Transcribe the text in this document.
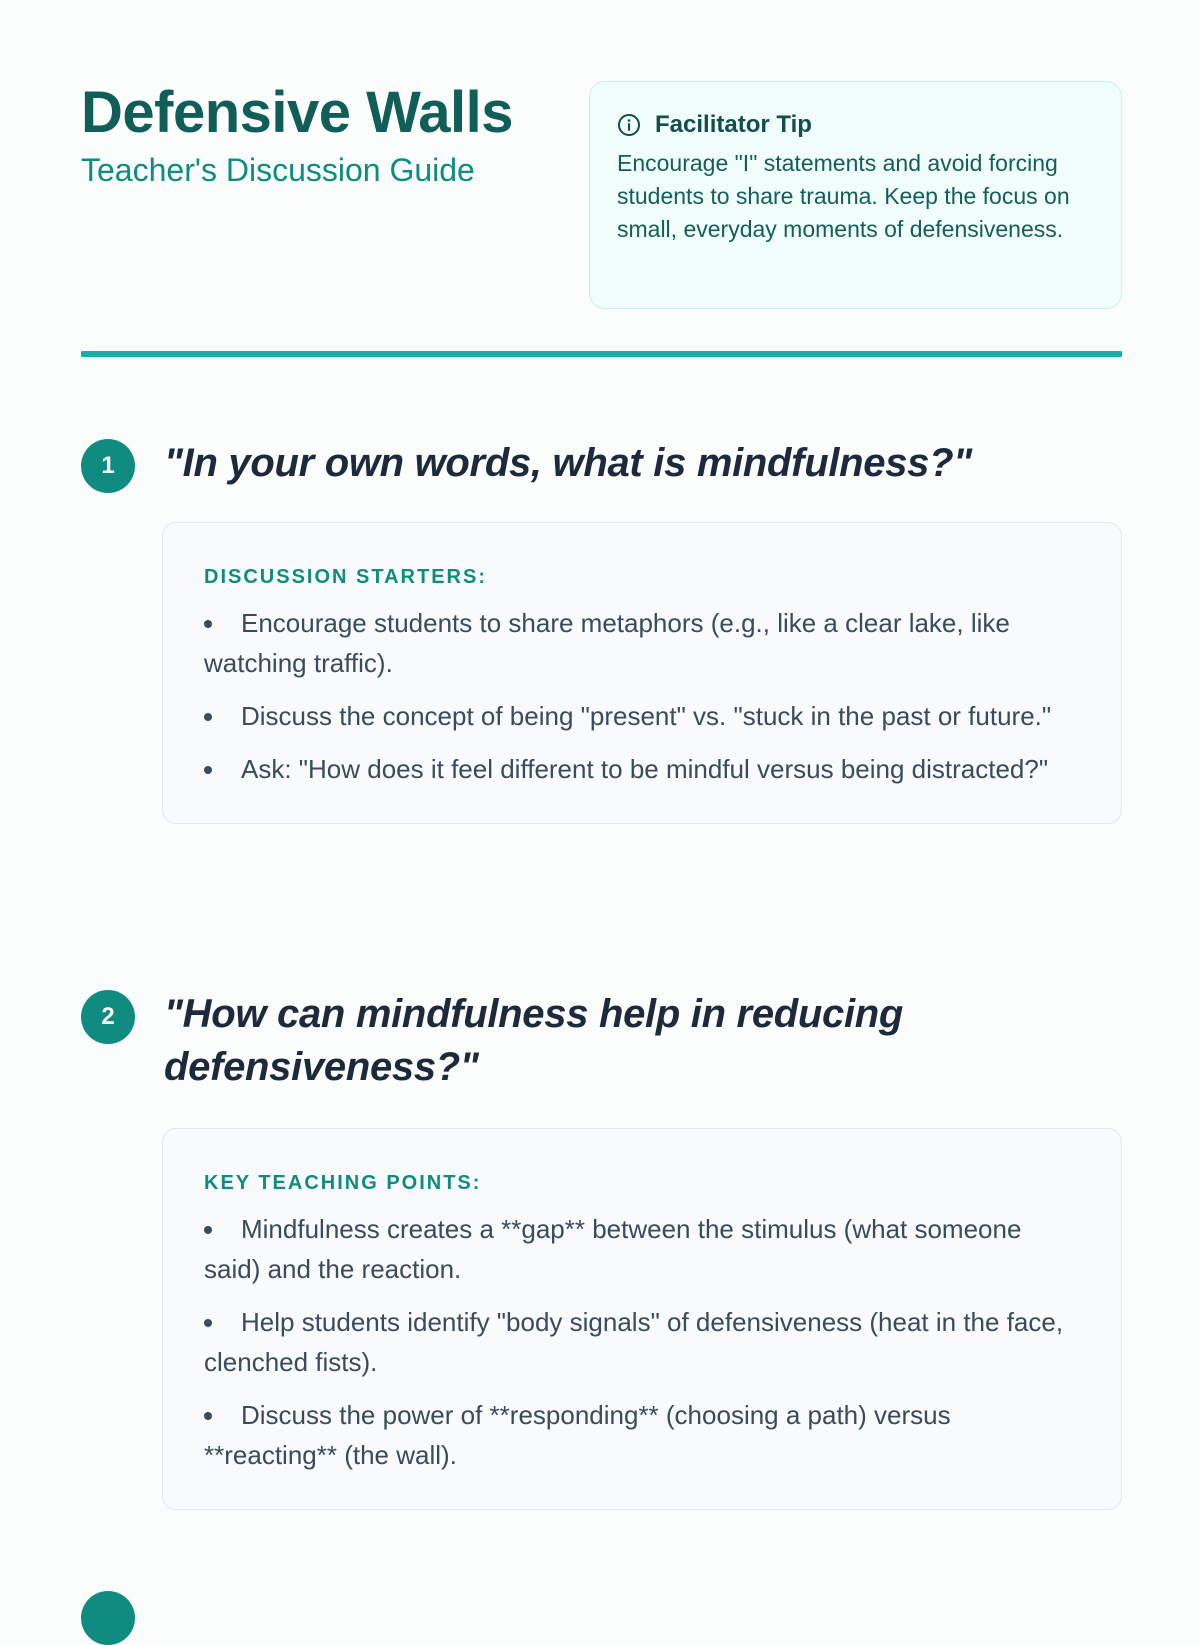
Defensive Walls
Teacher's Discussion Guide
Facilitator Tip

Encourage "I" statements and avoid forcing students to share trauma. Keep the focus on small, everyday moments of defensiveness.

1	"In your own words, what is mindfulness?"

DISCUSSION STARTERS:

Encourage students to share metaphors (e.g., like a clear lake, like watching traffic).
Discuss the concept of being "present" vs. "stuck in the past or future."
Ask: "How does it feel different to be mindful versus being distracted?"
2	"How can mindfulness help in reducing defensiveness?"

KEY TEACHING POINTS:

Mindfulness creates a **gap** between the stimulus (what someone said) and the reaction.
Help students identify "body signals" of defensiveness (heat in the face, clenched fists).
Discuss the power of **responding** (choosing a path) versus **reacting** (the wall).
